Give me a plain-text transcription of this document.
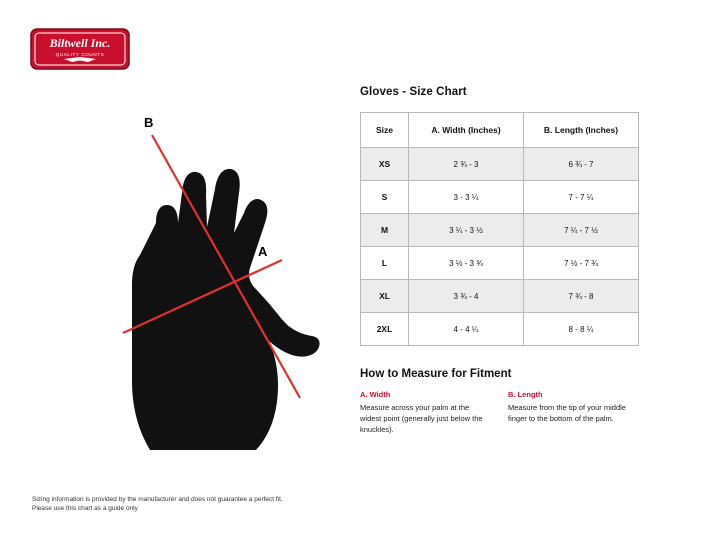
Biltwell Inc.
QUALITY COUNTS
B
A
Gloves - Size Chart
Size	A. Width (Inches)	B. Length (Inches)
XS	2 ¾ - 3	6 ¾ - 7
S	3 - 3 ¼	7 - 7 ¼
M	3 ¼ - 3 ½	7 ¼ - 7 ½
L	3 ½ - 3 ¾	7 ½ - 7 ¾
XL	3 ¾ - 4	7 ¾ - 8
2XL	4 - 4 ¼	8 - 8 ¼
How to Measure for Fitment

A. Width

Measure across your palm at the widest point (generally just below the knuckles).

B. Length

Measure from the tip of your middle finger to the bottom of the palm.

Sizing information is provided by the manufacturer and does not guarantee a perfect fit.

Please use this chart as a guide only
